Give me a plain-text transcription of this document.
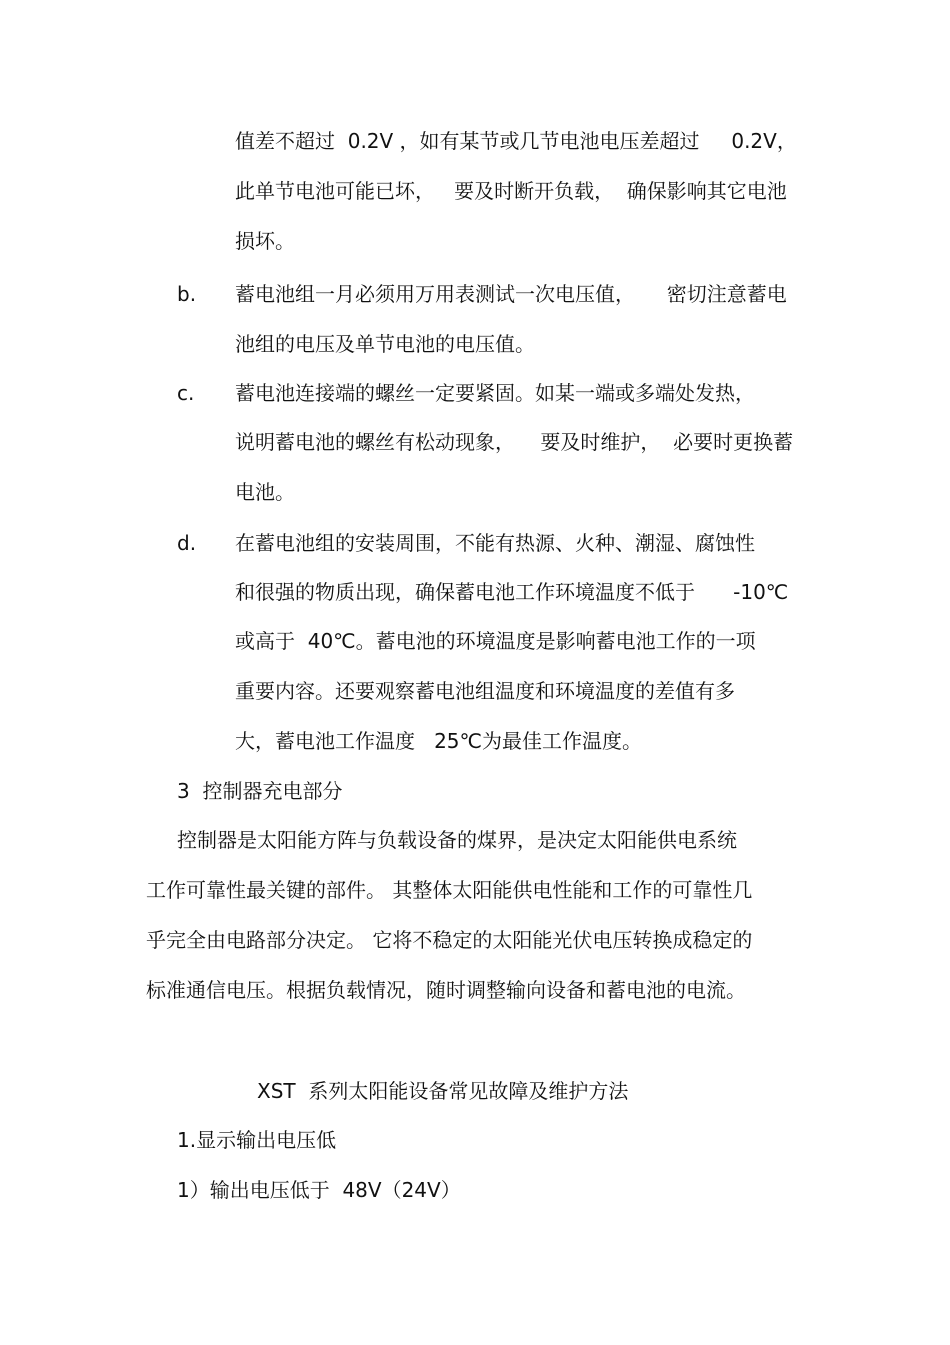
值差不超过  0.2V ，如有某节或几节电池电压差超过     0.2V，
此单节电池可能已坏，   要及时断开负载，  确保影响其它电池
损坏。
b. 蓄电池组一月必须用万用表测试一次电压值，     密切注意蓄电
池组的电压及单节电池的电压值。
c. 蓄电池连接端的螺丝一定要紧固。如某一端或多端处发热，
说明蓄电池的螺丝有松动现象，    要及时维护，  必要时更换蓄
电池。
d. 在蓄电池组的安装周围，不能有热源、火种、潮湿、腐蚀性
和很强的物质出现，确保蓄电池工作环境温度不低于      -10℃
或高于  40℃。蓄电池的环境温度是影响蓄电池工作的一项
重要内容。还要观察蓄电池组温度和环境温度的差值有多
大，蓄电池工作温度   25℃为最佳工作温度。
3  控制器充电部分
控制器是太阳能方阵与负载设备的煤界，是决定太阳能供电系统
工作可靠性最关键的部件。 其整体太阳能供电性能和工作的可靠性几
乎完全由电路部分决定。 它将不稳定的太阳能光伏电压转换成稳定的
标准通信电压。根据负载情况，随时调整输向设备和蓄电池的电流。
XST  系列太阳能设备常见故障及维护方法
1.显示输出电压低
1）输出电压低于  48V（24V）
